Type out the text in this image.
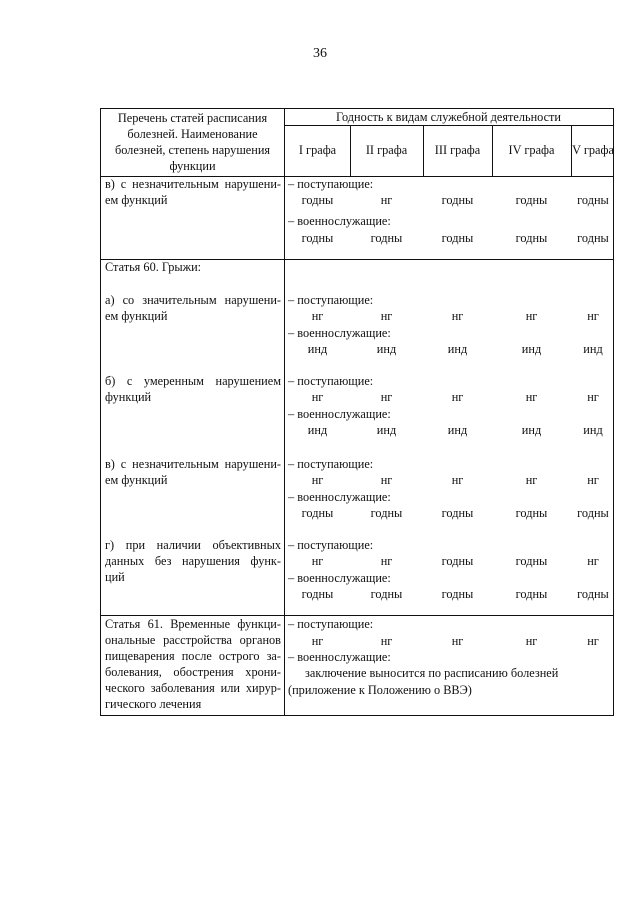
36
Перечень статей расписания
болезней. Наименование
болезней, степень нарушения
функции
Годность к видам служебной деятельности
I графа	II графа	III графа	IV графа	V графа
в) с незначительным нарушени-
ем функций
– поступающие:
годны	нг	годны	годны	годны
– военнослужащие:
годны	годны	годны	годны	годны
Статья 60. Грыжи:
а) со значительным нарушени-
ем функций
– поступающие:
нг	нг	нг	нг	нг
– военнослужащие:
инд	инд	инд	инд	инд
б) с умеренным нарушением
функций
– поступающие:
нг	нг	нг	нг	нг
– военнослужащие:
инд	инд	инд	инд	инд
в) с незначительным нарушени-
ем функций
– поступающие:
нг	нг	нг	нг	нг
– военнослужащие:
годны	годны	годны	годны	годны
г) при наличии объективных
данных без нарушения функ-
ций
– поступающие:
нг	нг	годны	годны	нг
– военнослужащие:
годны	годны	годны	годны	годны
Статья 61. Временные функци-
ональные расстройства органов
пищеварения после острого за-
болевания, обострения хрони-
ческого заболевания или хирур-
гического лечения
– поступающие:
нг	нг	нг	нг	нг
– военнослужащие:
заключение выносится по расписанию болезней
(приложение к Положению о ВВЭ)
